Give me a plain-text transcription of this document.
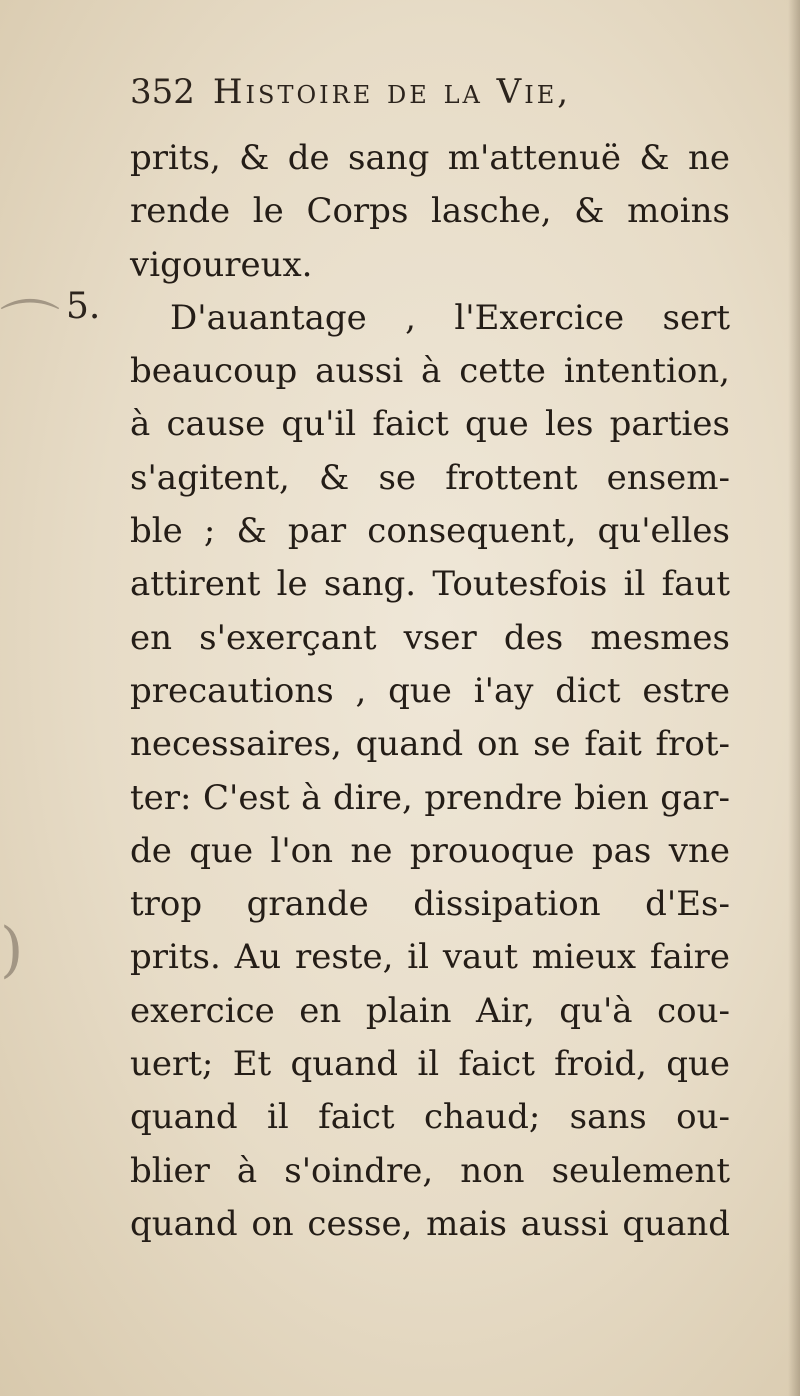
⌒
)
352 Histoire de la Vie,
5.
prits, & de sang m'attenuë & ne
rende le Corps lasche, & moins
vigoureux.
D'auantage , l'Exercice sert
beaucoup aussi à cette intention,
à cause qu'il faict que les parties
s'agitent, & se frottent ensem-
ble ; & par consequent, qu'elles
attirent le sang. Toutesfois il faut
en s'exerçant vser des mesmes
precautions , que i'ay dict estre
necessaires, quand on se fait frot-
ter: C'est à dire, prendre bien gar-
de que l'on ne prouoque pas vne
trop grande dissipation d'Es-
prits. Au reste, il vaut mieux faire
exercice en plain Air, qu'à cou-
uert; Et quand il faict froid, que
quand il faict chaud; sans ou-
blier à s'oindre, non seulement
quand on cesse, mais aussi quand
